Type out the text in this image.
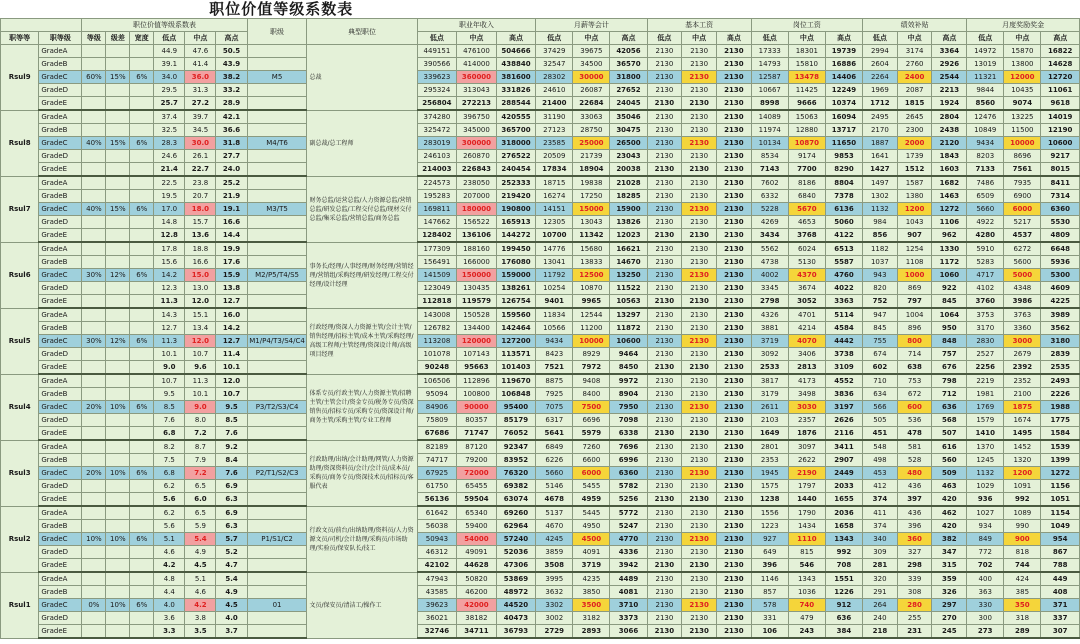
			职位价值等级系数表																								
		职位价值等级系数表						职级	典型职位	职业年收入			月薪等会计			基本工资			岗位工资			绩效补贴			月度奖励奖金		
职等等	职等级	等级	级差	宽度	低点	中点	高点			低点	中点	高点	低点	中点	高点	低点	中点	高点	低点	中点	高点	低点	中点	高点	低点	中点	高点
Rsul9	GradeA				44.9	47.6	50.5		总裁	449151	476100	504666	37429	39675	42056	2130	2130	2130	17333	18301	19739	2994	3174	3364	14972	15870	16822
	GradeB				39.1	41.4	43.9			390566	414000	438840	32547	34500	36570	2130	2130	2130	14793	15810	16886	2604	2760	2926	13019	13800	14628
	GradeC	60%	15%	6%	34.0	36.0	38.2	M5		339623	360000	381600	28302	30000	31800	2130	2130	2130	12587	13478	14406	2264	2400	2544	11321	12000	12720
	GradeD				29.5	31.3	33.2			295324	313043	331826	24610	26087	27652	2130	2130	2130	10667	11425	12249	1969	2087	2213	9844	10435	11061
	GradeE				25.7	27.2	28.9			256804	272213	288544	21400	22684	24045	2130	2130	2130	8998	9666	10374	1712	1815	1924	8560	9074	9618
Rsul8	GradeA				37.4	39.7	42.1		副总裁/总工程师	374280	396750	420555	31190	33063	35046	2130	2130	2130	14089	15063	16094	2495	2645	2804	12476	13225	14019
	GradeB				32.5	34.5	36.6			325472	345000	365700	27123	28750	30475	2130	2130	2130	11974	12880	13717	2170	2300	2438	10849	11500	12190
	GradeC	40%	15%	6%	28.3	30.0	31.8	M4/T6		283019	300000	318000	23585	25000	26500	2130	2130	2130	10134	10870	11650	1887	2000	2120	9434	10000	10600
	GradeD				24.6	26.1	27.7			246103	260870	276522	20509	21739	23043	2130	2130	2130	8534	9174	9853	1641	1739	1843	8203	8696	9217
	GradeE				21.4	22.7	24.0			214003	226843	240454	17834	18904	20038	2130	2130	2130	7143	7700	8290	1427	1512	1603	7133	7561	8015
Rsul7	GradeA				22.5	23.8	25.2		财务总监/运营总监/人力资源总监/营销总监/研发总监/工程交付总监/现材交付总监/集采总监/营销总监/商务总监	224573	238050	252333	18715	19838	21028	2130	2130	2130	7602	8186	8804	1497	1587	1682	7486	7935	8411
	GradeB				19.5	20.7	21.9			195283	207000	219420	16274	17250	18285	2130	2130	2130	6332	6840	7378	1302	1380	1463	6509	6900	7314
	GradeC	40%	15%	6%	17.0	18.0	19.1	M3/T5		169811	180000	190800	14151	15000	15900	2130	2130	2130	5228	5670	6136	1132	1200	1272	5660	6000	6360
	GradeD				14.8	15.7	16.6			147662	156522	165913	12305	13043	13826	2130	2130	2130	4269	4653	5060	984	1043	1106	4922	5217	5530
	GradeE				12.8	13.6	14.4			128402	136106	144272	10700	11342	12023	2130	2130	2130	3434	3768	4122	856	907	962	4280	4537	4809
Rsul6	GradeA				17.8	18.8	19.9		事务长/经理/人事经理/财务经理/营销经理/营销组/采购经理/研发经理/工程交付经理/设计经理	177309	188160	199450	14776	15680	16621	2130	2130	2130	5562	6024	6513	1182	1254	1330	5910	6272	6648
	GradeB				15.6	16.6	17.6			156491	166000	176080	13041	13833	14670	2130	2130	2130	4738	5130	5587	1037	1108	1172	5283	5600	5936
	GradeC	30%	12%	6%	14.2	15.0	15.9	M2/P5/T4/S5		141509	150000	159000	11792	12500	13250	2130	2130	2130	4002	4370	4760	943	1000	1060	4717	5000	5300
	GradeD				12.3	13.0	13.8			123049	130435	138261	10254	10870	11522	2130	2130	2130	3345	3674	4022	820	869	922	4102	4348	4609
	GradeE				11.3	12.0	12.7			112818	119579	126754	9401	9965	10563	2130	2130	2130	2798	3052	3363	752	797	845	3760	3986	4225
Rsul5	GradeA				14.3	15.1	16.0		行政经理/资深人力资源主管/会计主管/销售经理/招标主管/成本主管/采购经理/高级工程师/主管经理/资深设计师/高级项目经理	143008	150528	159560	11834	12544	13297	2130	2130	2130	4326	4701	5114	947	1004	1064	3753	3763	3989
	GradeB				12.7	13.4	14.2			126782	134400	142464	10566	11200	11872	2130	2130	2130	3881	4214	4584	845	896	950	3170	3360	3562
	GradeC	30%	12%	6%	11.3	12.0	12.7	M1/P4/T3/S4/C4		113208	120000	127200	9434	10000	10600	2130	2130	2130	3719	4070	4442	755	800	848	2830	3000	3180
	GradeD				10.1	10.7	11.4			101078	107143	113571	8423	8929	9464	2130	2130	2130	3092	3406	3738	674	714	757	2527	2679	2839
	GradeE				9.0	9.6	10.1			90248	95663	101403	7521	7972	8450	2130	2130	2130	2533	2813	3109	602	638	676	2256	2392	2535
Rsul4	GradeA				10.7	11.3	12.0		体系专员/行政主管/人力资源主管/招聘主管/主管会计/资金专员/税务专员/资深销售员/招标专员/采购专员/资深设计师/商务主管/采购主管/专业工程师	106506	112896	119670	8875	9408	9972	2130	2130	2130	3817	4173	4552	710	753	798	2219	2352	2493
	GradeB				9.5	10.1	10.7			95094	100800	106848	7925	8400	8904	2130	2130	2130	3179	3498	3836	634	672	712	1981	2100	2226
	GradeC	20%	10%	6%	8.5	9.0	9.5	P3/T2/S3/C4		84906	90000	95400	7075	7500	7950	2130	2130	2130	2611	3030	3197	566	600	636	1769	1875	1988
	GradeD				7.6	8.0	8.5			75809	80357	85179	6317	6696	7098	2130	2130	2130	2103	2357	2626	505	536	568	1579	1674	1775
	GradeE				6.8	7.2	7.6			67686	71747	76052	5641	5979	6338	2130	2130	2130	1649	1876	2116	451	478	507	1410	1495	1584
Rsul3	GradeA				8.2	8.7	9.2		行政助理/出纳/会计助理/网管/人力资源助理/资深资料员/会计/会计员/成本员/采购员/商务专员/资深技术员/招标员/客服代表	82189	87120	92347	6849	7260	7696	2130	2130	2130	2801	3097	3411	548	581	616	1370	1452	1539
	GradeB				7.5	7.9	8.4			74717	79200	83952	6226	6600	6996	2130	2130	2130	2353	2622	2907	498	528	560	1245	1320	1399
	GradeC	20%	10%	6%	6.8	7.2	7.6	P2/T1/S2/C3		67925	72000	76320	5660	6000	6360	2130	2130	2130	1945	2190	2449	453	480	509	1132	1200	1272
	GradeD				6.2	6.5	6.9			61750	65455	69382	5146	5455	5782	2130	2130	2130	1575	1797	2033	412	436	463	1029	1091	1156
	GradeE				5.6	6.0	6.3			56136	59504	63074	4678	4959	5256	2130	2130	2130	1238	1440	1655	374	397	420	936	992	1051
Rsul2	GradeA				6.2	6.5	6.9		行政文员/前台/出纳助理/资料员/人力资源文员/司机/会计助理/采购员/市场助理/实验员/保安队长/技工	61642	65340	69260	5137	5445	5772	2130	2130	2130	1556	1790	2036	411	436	462	1027	1089	1154
	GradeB				5.6	5.9	6.3			56038	59400	62964	4670	4950	5247	2130	2130	2130	1223	1434	1658	374	396	420	934	990	1049
	GradeC	10%	10%	6%	5.1	5.4	5.7	P1/S1/C2		50943	54000	57240	4245	4500	4770	2130	2130	2130	927	1110	1343	340	360	382	849	900	954
	GradeD				4.6	4.9	5.2			46312	49091	52036	3859	4091	4336	2130	2130	2130	649	815	992	309	327	347	772	818	867
	GradeE				4.2	4.5	4.7			42102	44628	47306	3508	3719	3942	2130	2130	2130	396	546	708	281	298	315	702	744	788
Rsul1	GradeA				4.8	5.1	5.4		文员/保安员/清洁工/操作工	47943	50820	53869	3995	4235	4489	2130	2130	2130	1146	1343	1551	320	339	359	400	424	449
	GradeB				4.4	4.6	4.9			43585	46200	48972	3632	3850	4081	2130	2130	2130	857	1036	1226	291	308	326	363	385	408
	GradeC	0%	10%	6%	4.0	4.2	4.5	01		39623	42000	44520	3302	3500	3710	2130	2130	2130	578	740	912	264	280	297	330	350	371
	GradeD				3.6	3.8	4.0			36021	38182	40473	3002	3182	3373	2130	2130	2130	331	479	636	240	255	270	300	318	337
	GradeE				3.3	3.5	3.7			32746	34711	36793	2729	2893	3066	2130	2130	2130	106	243	384	218	231	245	273	289	307
